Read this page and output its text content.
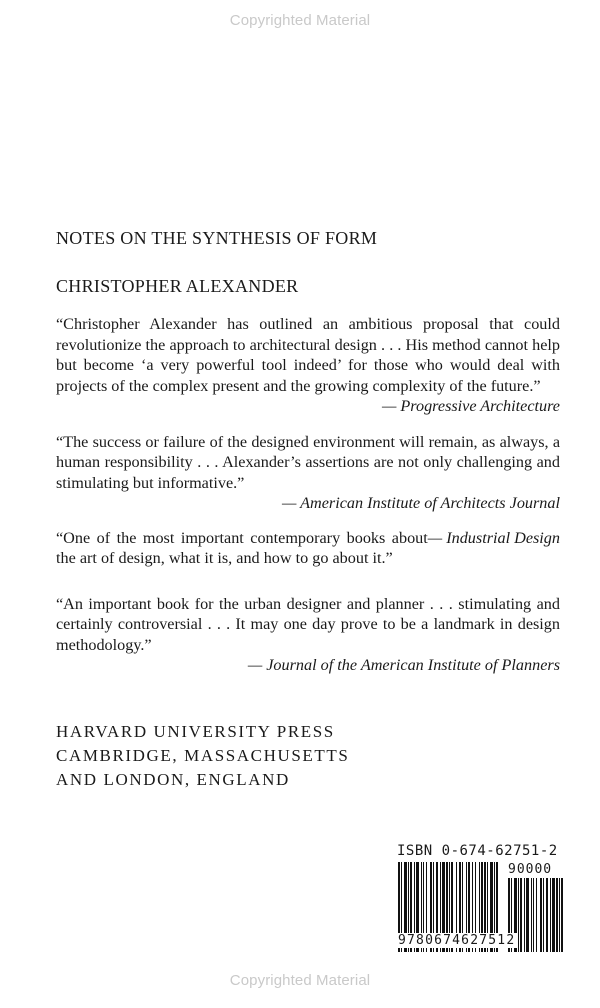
Copyrighted Material
NOTES ON THE SYNTHESIS OF FORM
CHRISTOPHER ALEXANDER
“Christopher Alexander has outlined an ambitious proposal that could revolutionize the approach to architectural design . . . His method cannot help but become ‘a very powerful tool indeed’ for those who would deal with projects of the complex present and the growing complexity of the future.”
— Progressive Architecture
“The success or failure of the designed environment will remain, as always, a human responsibility . . . Alexander’s assertions are not only challenging and stimulating but informative.”
— American Institute of Architects Journal
— Industrial Design
“One of the most important contemporary books about the art of design, what it is, and how to go about it.”
“An important book for the urban designer and planner . . . stimulating and certainly controversial . . . It may one day prove to be a landmark in design methodology.”
— Journal of the American Institute of Planners
HARVARD UNIVERSITY PRESS
CAMBRIDGE, MASSACHUSETTS
AND LONDON, ENGLAND
ISBN 0-674-62751-2
90000
9780674627512
Copyrighted Material
